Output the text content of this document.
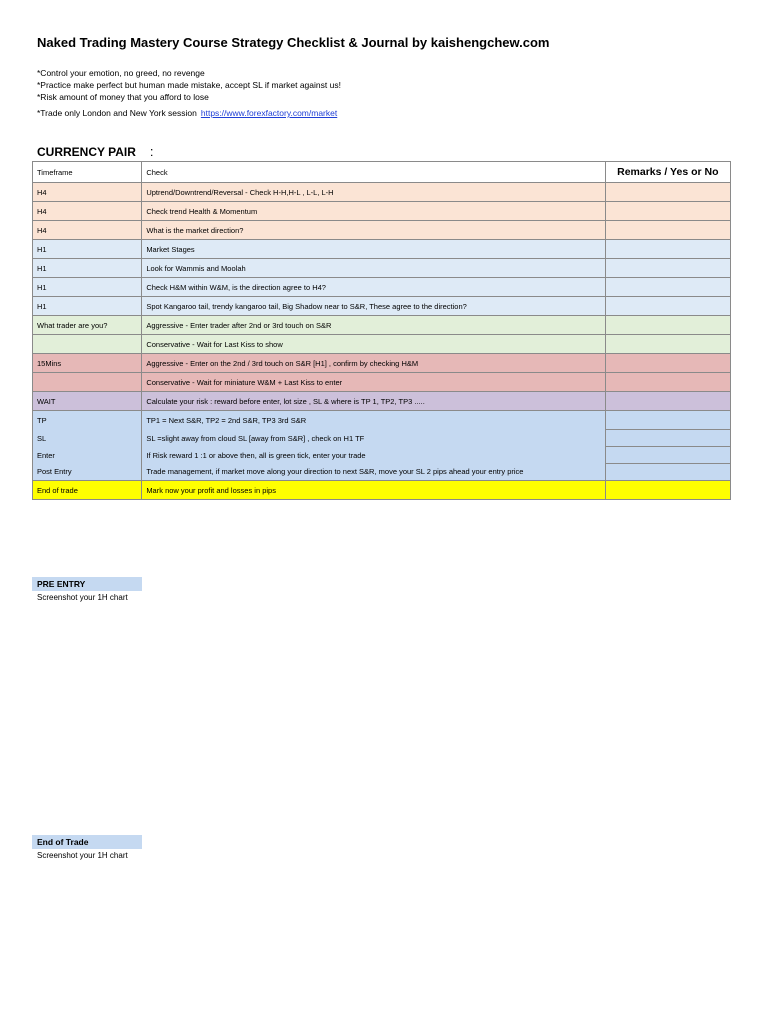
Naked Trading Mastery Course Strategy Checklist & Journal by kaishengchew.com
*Control your emotion, no greed, no revenge
*Practice make perfect but human made mistake, accept SL if market against us!
*Risk amount of money that you afford to lose
*Trade only London and New York session https://www.forexfactory.com/market
CURRENCY PAIR :
Timeframe	Check	Remarks / Yes or No
H4	Uptrend/Downtrend/Reversal - Check H-H,H-L , L-L, L-H	
H4	Check trend Health & Momentum	
H4	What is the market direction?	
H1	Market Stages	
H1	Look for Wammis and Moolah	
H1	Check H&M within W&M, is the direction agree to H4?	
H1	Spot Kangaroo tail, trendy kangaroo tail, Big Shadow near to S&R, These agree to the direction?	
What trader are you?	Aggressive - Enter trader after 2nd or 3rd touch on S&R	
	Conservative - Wait for Last Kiss to show	
15Mins	Aggressive - Enter on the 2nd / 3rd touch on S&R [H1] , confirm by checking H&M	
	Conservative - Wait for miniature W&M + Last Kiss to enter	
WAIT	Calculate your risk : reward before enter, lot size , SL & where is TP 1, TP2, TP3 .....	
TP	TP1 = Next S&R, TP2 = 2nd S&R, TP3 3rd S&R	
SL	SL =slight away from cloud SL [away from S&R] , check on H1 TF	
Enter	If Risk reward 1 :1 or above then, all is green tick, enter your trade	
Post Entry	Trade management, if market move along your direction to next S&R, move your SL 2 pips ahead your entry price	
End of trade	Mark now your profit and losses in pips	
PRE ENTRY
Screenshot your 1H chart
End of Trade
Screenshot your 1H chart
